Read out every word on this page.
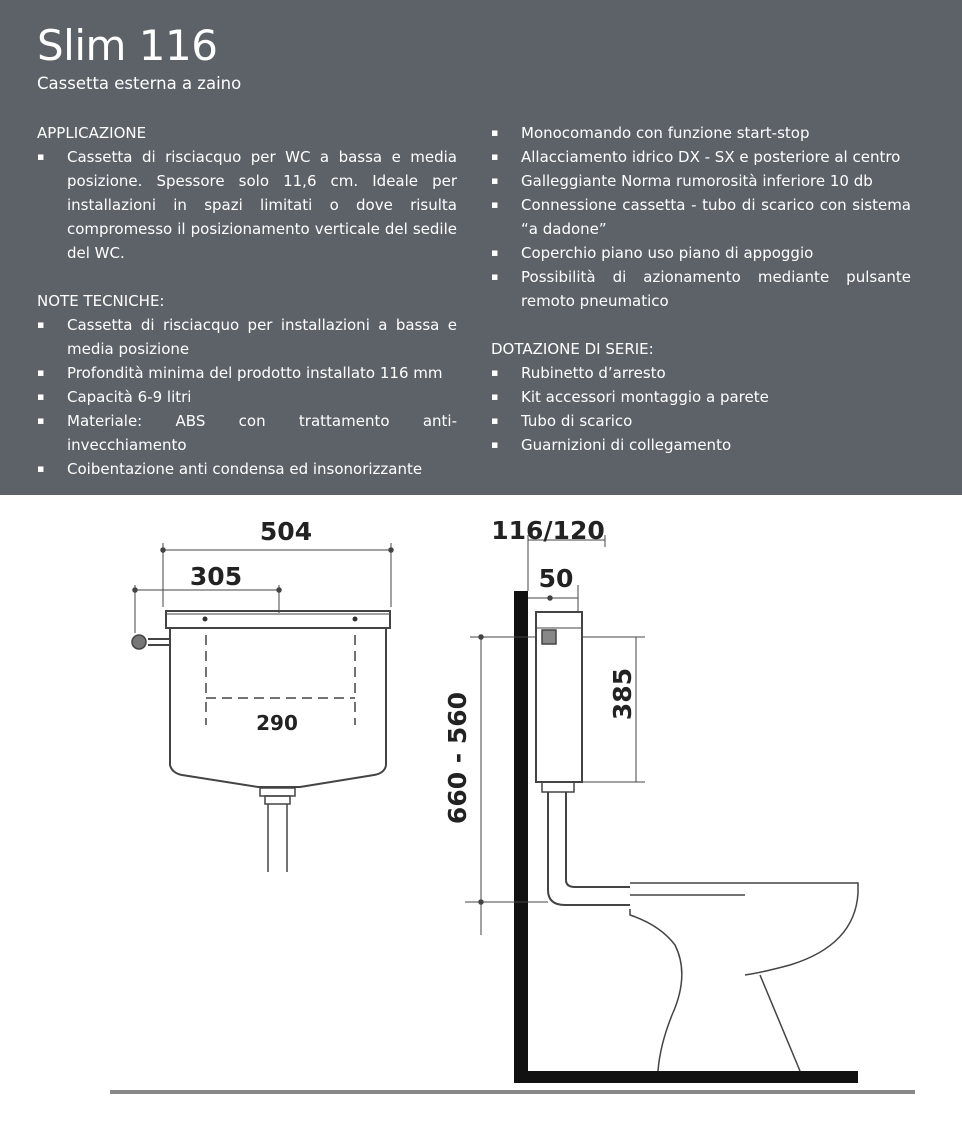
Slim 116
Cassetta esterna a zaino
APPLICAZIONE
▪ Cassetta di risciacquo per WC a bassa e media posizione. Spessore solo 11,6 cm. Ideale per installazioni in spazi limitati o dove risulta compromesso il posizionamento verticale del sedile del WC.
NOTE TECNICHE:
▪ Cassetta di risciacquo per installazioni a bassa e media posizione
▪ Profondità minima del prodotto installato 116 mm
▪ Capacità 6-9 litri
▪ Materiale: ABS con trattamento anti-invecchiamento
▪ Coibentazione anti condensa ed insonorizzante
▪ Monocomando con funzione start-stop
▪ Allacciamento idrico DX - SX e posteriore al centro
▪ Galleggiante Norma rumorosità inferiore 10 db
▪ Connessione cassetta - tubo di scarico con sistema “a dadone”
▪ Coperchio piano uso piano di appoggio
▪ Possibilità di azionamento mediante pulsante remoto pneumatico
DOTAZIONE DI SERIE:
▪ Rubinetto d’arresto
▪ Kit accessori montaggio a parete
▪ Tubo di scarico
▪ Guarnizioni di collegamento
504
305
290
116/120
50
385
660 - 560
